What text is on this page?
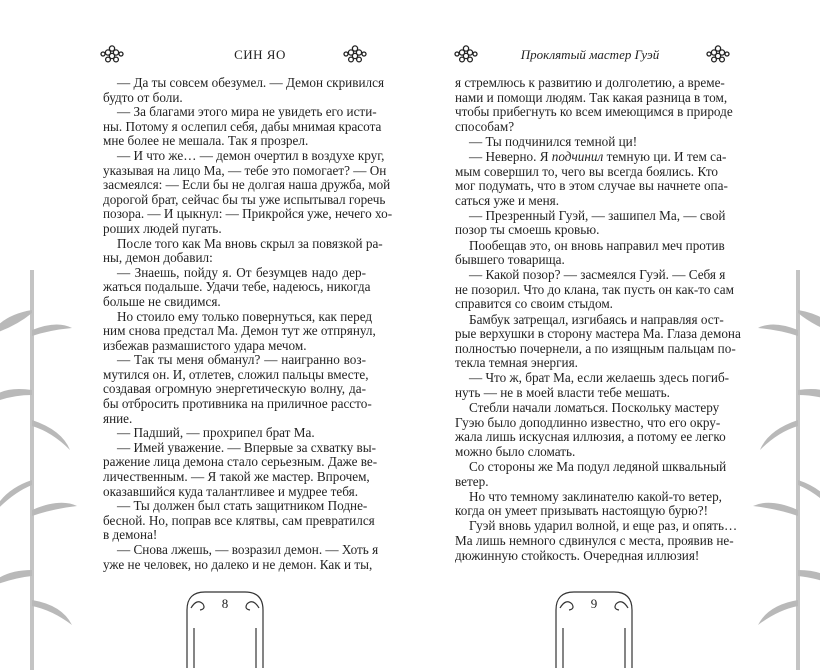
СИН ЯО
— Да ты совсем обезумел. — Демон скривился
будто от боли.
— За благами этого мира не увидеть его исти-
ны. Потому я ослепил себя, дабы мнимая красота
мне более не мешала. Так я прозрел.
— И что же… — демон очертил в воздухе круг,
указывая на лицо Ма, — тебе это помогает? — Он
засмеялся: — Если бы не долгая наша дружба, мой
дорогой брат, сейчас бы ты уже испытывал горечь
позора. — И цыкнул: — Прикройся уже, нечего хо-
роших людей пугать.
После того как Ма вновь скрыл за повязкой ра-
ны, демон добавил:
— Знаешь, пойду я. От безумцев надо дер-
жаться подальше. Удачи тебе, надеюсь, никогда
больше не свидимся.
Но стоило ему только повернуться, как перед
ним снова предстал Ма. Демон тут же отпрянул,
избежав размашистого удара мечом.
— Так ты меня обманул? — наигранно воз-
мутился он. И, отлетев, сложил пальцы вместе,
создавая огромную энергетическую волну, да-
бы отбросить противника на приличное рассто-
яние.
— Падший, — прохрипел брат Ма.
— Имей уважение. — Впервые за схватку вы-
ражение лица демона стало серьезным. Даже ве-
личественным. — Я такой же мастер. Впрочем,
оказавшийся куда талантливее и мудрее тебя.
— Ты должен был стать защитником Подне-
бесной. Но, поправ все клятвы, сам превратился
в демона!
— Снова лжешь, — возразил демон. — Хоть я
уже не человек, но далеко и не демон. Как и ты,
8
Проклятый мастер Гуэй
я стремлюсь к развитию и долголетию, а време-
нами и помощи людям. Так какая разница в том,
чтобы прибегнуть ко всем имеющимся в природе
способам?
— Ты подчинился темной ци!
— Неверно. Я подчинил темную ци. И тем са-
мым совершил то, чего вы всегда боялись. Кто
мог подумать, что в этом случае вы начнете опа-
саться уже и меня.
— Презренный Гуэй, — зашипел Ма, — свой
позор ты смоешь кровью.
Пообещав это, он вновь направил меч против
бывшего товарища.
— Какой позор? — засмеялся Гуэй. — Себя я
не позорил. Что до клана, так пусть он как-то сам
справится со своим стыдом.
Бамбук затрещал, изгибаясь и направляя ост-
рые верхушки в сторону мастера Ма. Глаза демона
полностью почернели, а по изящным пальцам по-
текла темная энергия.
— Что ж, брат Ма, если желаешь здесь погиб-
нуть — не в моей власти тебе мешать.
Стебли начали ломаться. Поскольку мастеру
Гуэю было доподлинно известно, что его окру-
жала лишь искусная иллюзия, а потому ее легко
можно было сломать.
Со стороны же Ма подул ледяной шквальный
ветер.
Но что темному заклинателю какой-то ветер,
когда он умеет призывать настоящую бурю?!
Гуэй вновь ударил волной, и еще раз, и опять…
Ма лишь немного сдвинулся с места, проявив не-
дюжинную стойкость. Очередная иллюзия!
9
